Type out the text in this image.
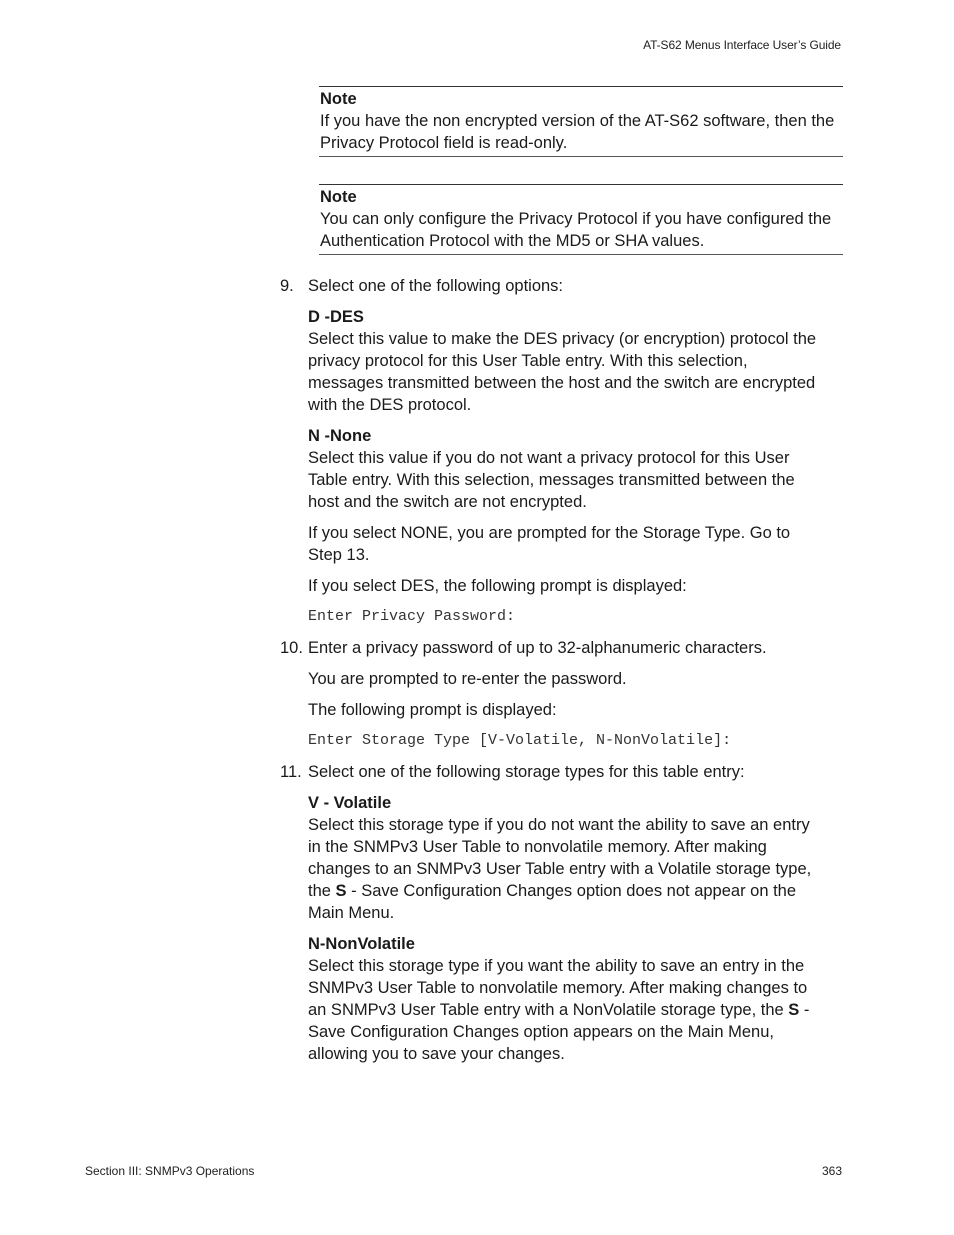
AT-S62 Menus Interface User’s Guide
Note
If you have the non encrypted version of the AT-S62 software, then the Privacy Protocol field is read-only.
Note
You can only configure the Privacy Protocol if you have configured the Authentication Protocol with the MD5 or SHA values.
9. Select one of the following options:
D -DES
Select this value to make the DES privacy (or encryption) protocol the privacy protocol for this User Table entry. With this selection, messages transmitted between the host and the switch are encrypted with the DES protocol.
N -None
Select this value if you do not want a privacy protocol for this User Table entry. With this selection, messages transmitted between the host and the switch are not encrypted.
If you select NONE, you are prompted for the Storage Type. Go to Step 13.
If you select DES, the following prompt is displayed:
Enter Privacy Password:
10. Enter a privacy password of up to 32-alphanumeric characters.
You are prompted to re-enter the password.
The following prompt is displayed:
Enter Storage Type [V-Volatile, N-NonVolatile]:
11. Select one of the following storage types for this table entry:
V - Volatile
Select this storage type if you do not want the ability to save an entry in the SNMPv3 User Table to nonvolatile memory. After making changes to an SNMPv3 User Table entry with a Volatile storage type, the S - Save Configuration Changes option does not appear on the Main Menu.
N-NonVolatile
Select this storage type if you want the ability to save an entry in the SNMPv3 User Table to nonvolatile memory. After making changes to an SNMPv3 User Table entry with a NonVolatile storage type, the S - Save Configuration Changes option appears on the Main Menu, allowing you to save your changes.
Section III: SNMPv3 Operations	363
